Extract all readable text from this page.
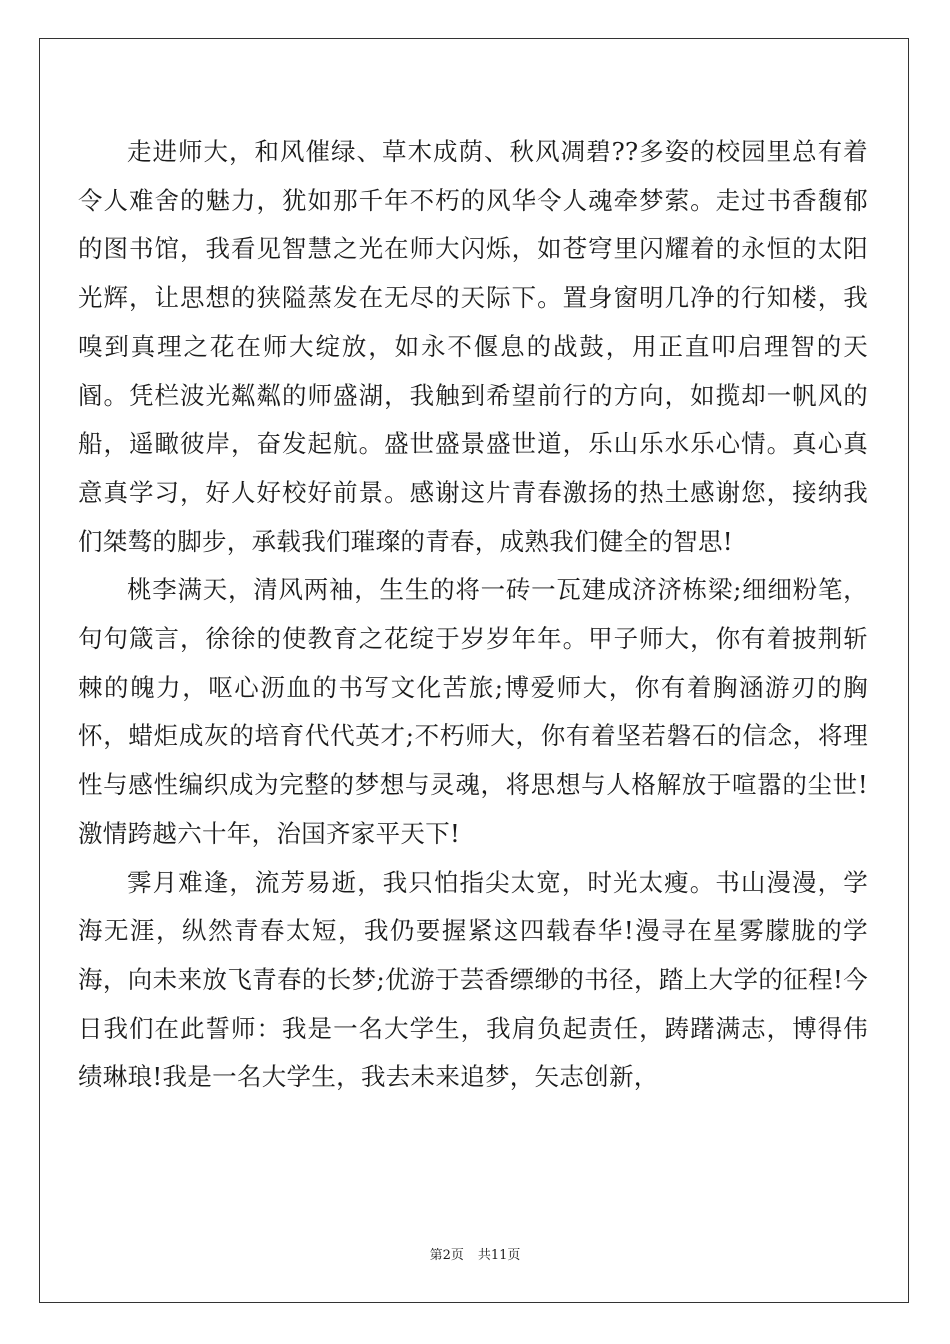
走进师大，和风催绿、草木成荫、秋风凋碧??多姿的校园里总有着令人难舍的魅力，犹如那千年不朽的风华令人魂牵梦萦。走过书香馥郁的图书馆，我看见智慧之光在师大闪烁，如苍穹里闪耀着的永恒的太阳光辉，让思想的狭隘蒸发在无尽的天际下。置身窗明几净的行知楼，我嗅到真理之花在师大绽放，如永不偃息的战鼓，用正直叩启理智的天阍。凭栏波光粼粼的师盛湖，我触到希望前行的方向，如揽却一帆风的船，遥瞰彼岸，奋发起航。盛世盛景盛世道，乐山乐水乐心情。真心真意真学习，好人好校好前景。感谢这片青春激扬的热土感谢您，接纳我们桀骜的脚步，承载我们璀璨的青春，成熟我们健全的智思!

桃李满天，清风两袖，生生的将一砖一瓦建成济济栋梁;细细粉笔，句句箴言，徐徐的使教育之花绽于岁岁年年。甲子师大，你有着披荆斩棘的魄力，呕心沥血的书写文化苦旅;博爱师大，你有着胸涵游刃的胸怀，蜡炬成灰的培育代代英才;不朽师大，你有着坚若磐石的信念，将理性与感性编织成为完整的梦想与灵魂，将思想与人格解放于喧嚣的尘世!激情跨越六十年，治国齐家平天下!

霁月难逢，流芳易逝，我只怕指尖太宽，时光太瘦。书山漫漫，学海无涯，纵然青春太短，我仍要握紧这四载春华!漫寻在星雾朦胧的学海，向未来放飞青春的长梦;优游于芸香缥缈的书径，踏上大学的征程!今日我们在此誓师：我是一名大学生，我肩负起责任，踌躇满志，博得伟绩琳琅!我是一名大学生，我去未来追梦，矢志创新，

第2页 共11页
